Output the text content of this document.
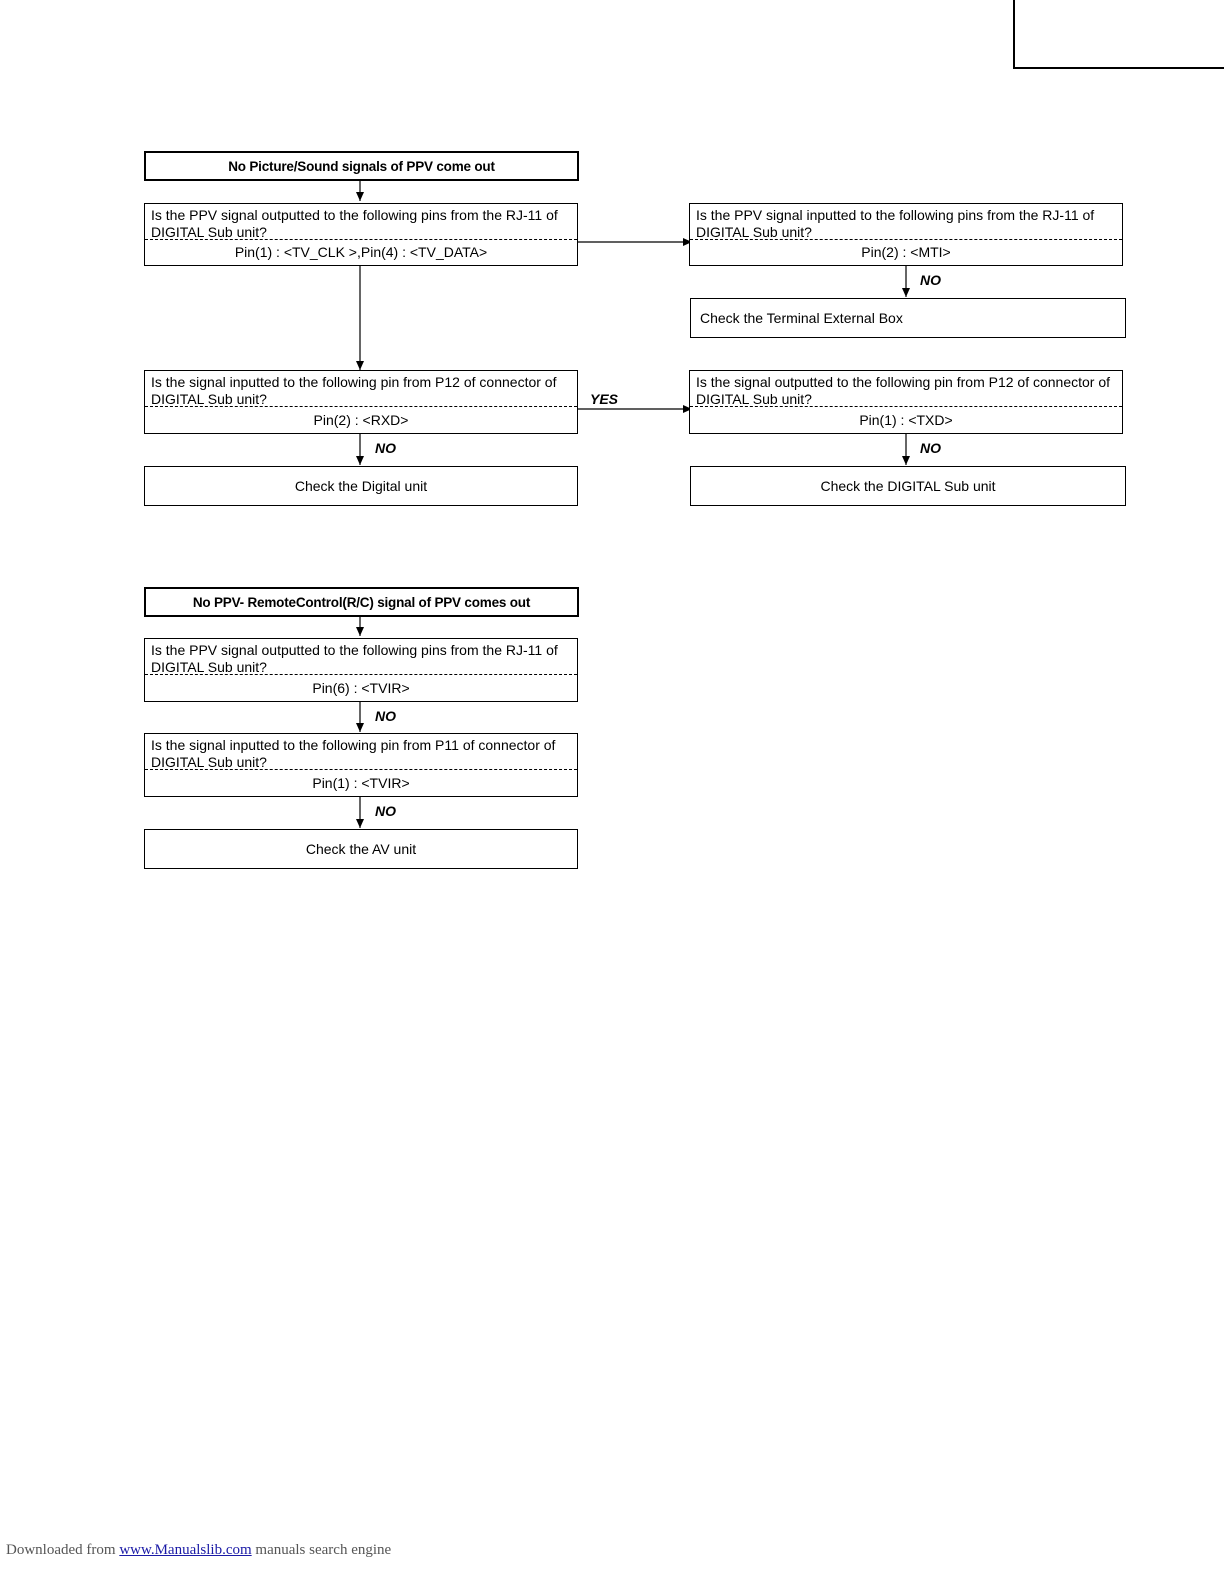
No Picture/Sound signals of PPV come out
Is the PPV signal outputted to the following pins from the RJ-11 of DIGITAL Sub unit?
Pin(1) : <TV_CLK >,Pin(4) : <TV_DATA>
Is the PPV signal inputted to the following pins from the RJ-11 of DIGITAL Sub unit?
Pin(2) : <MTI>
NO
Check the Terminal External Box
Is the signal inputted to the following pin from P12 of connector of DIGITAL Sub unit?
Pin(2) : <RXD>
YES
Is the signal outputted to the following pin from P12 of connector of DIGITAL Sub unit?
Pin(1) : <TXD>
NO	NO
Check the Digital unit	Check the DIGITAL Sub unit
No PPV- RemoteControl(R/C) signal of PPV comes out
Is the PPV signal outputted to the following pins from the RJ-11 of DIGITAL Sub unit?
Pin(6) : <TVIR>
NO
Is the signal inputted to the following pin from P11 of connector of DIGITAL Sub unit?
Pin(1) : <TVIR>
NO
Check the AV unit
Downloaded from www.Manualslib.com manuals search engine
